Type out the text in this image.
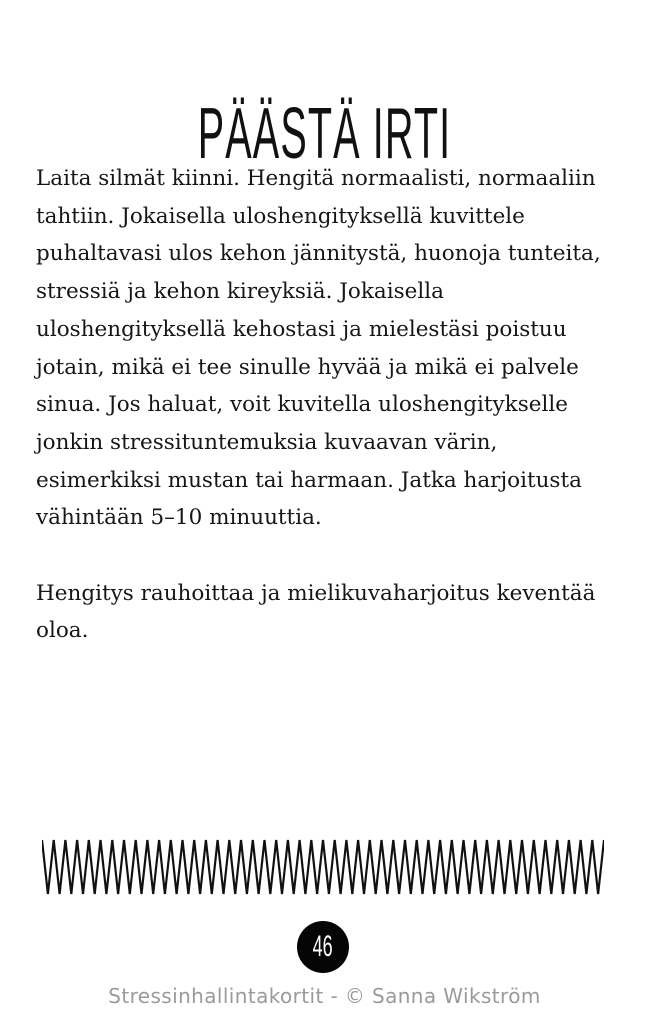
PÄÄSTÄ IRTI

Laita silmät kiinni. Hengitä normaalisti, normaaliin tahtiin. Jokaisella uloshengityksellä kuvittele puhaltavasi ulos kehon jännitystä, huonoja tunteita, stressiä ja kehon kireyksiä. Jokaisella uloshengityksellä kehostasi ja mielestäsi poistuu jotain, mikä ei tee sinulle hyvää ja mikä ei palvele sinua. Jos haluat, voit kuvitella uloshengitykselle jonkin stressituntemuksia kuvaavan värin, esimerkiksi mustan tai harmaan. Jatka harjoitusta vähintään 5–10 minuuttia.

Hengitys rauhoittaa ja mielikuvaharjoitus keventää oloa.

46
Stressinhallintakortit - © Sanna Wikström
